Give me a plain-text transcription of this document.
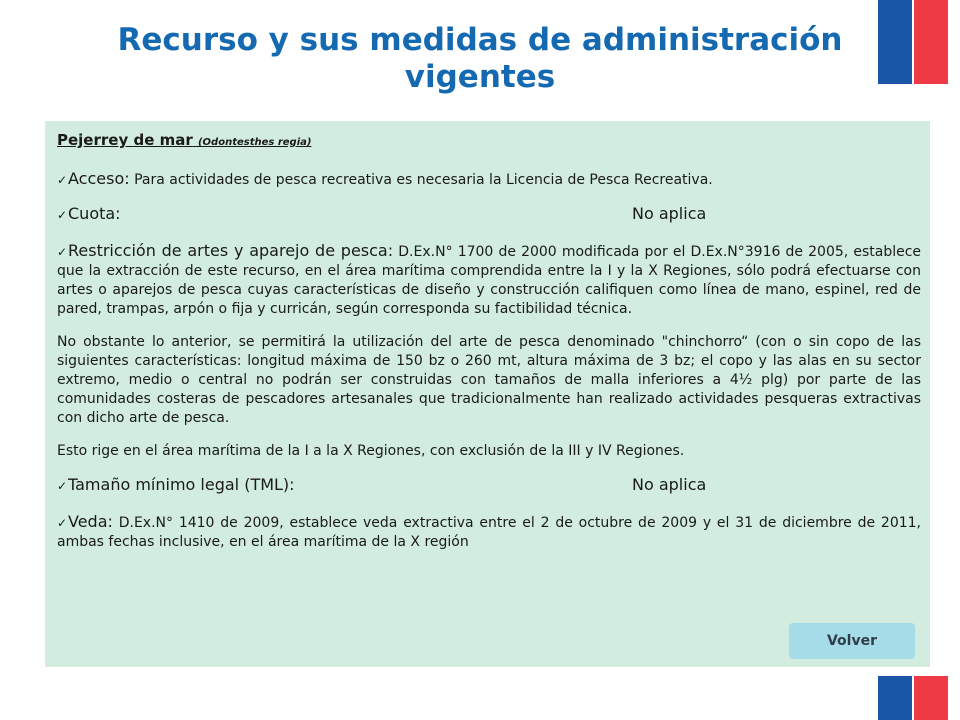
Recurso y sus medidas de administración vigentes
Pejerrey de mar (Odontesthes regia)
✓Acceso: Para actividades de pesca recreativa es necesaria la Licencia de Pesca Recreativa.
✓Cuota:	No aplica
✓Restricción de artes y aparejo de pesca: D.Ex.N° 1700 de 2000 modificada por el D.Ex.N°3916 de 2005, establece que la extracción de este recurso, en el área marítima comprendida entre la I y la X Regiones, sólo podrá efectuarse con artes o aparejos de pesca cuyas características de diseño y construcción califiquen como línea de mano, espinel, red de pared, trampas, arpón o fija y curricán, según corresponda su factibilidad técnica.
No obstante lo anterior, se permitirá la utilización del arte de pesca denominado "chinchorro“ (con o sin copo de las siguientes características: longitud máxima de 150 bz o 260 mt, altura máxima de 3 bz; el copo y las alas en su sector extremo, medio o central no podrán ser construidas con tamaños de malla inferiores a 4½ plg) por parte de las comunidades costeras de pescadores artesanales que tradicionalmente han realizado actividades pesqueras extractivas con dicho arte de pesca.
Esto rige en el área marítima de la I a la X Regiones, con exclusión de la III y IV Regiones.
✓Tamaño mínimo legal (TML):	No aplica
✓Veda: D.Ex.N° 1410 de 2009, establece veda extractiva entre el 2 de octubre de 2009 y el 31 de diciembre de 2011, ambas fechas inclusive, en el área marítima de la X región
Volver
